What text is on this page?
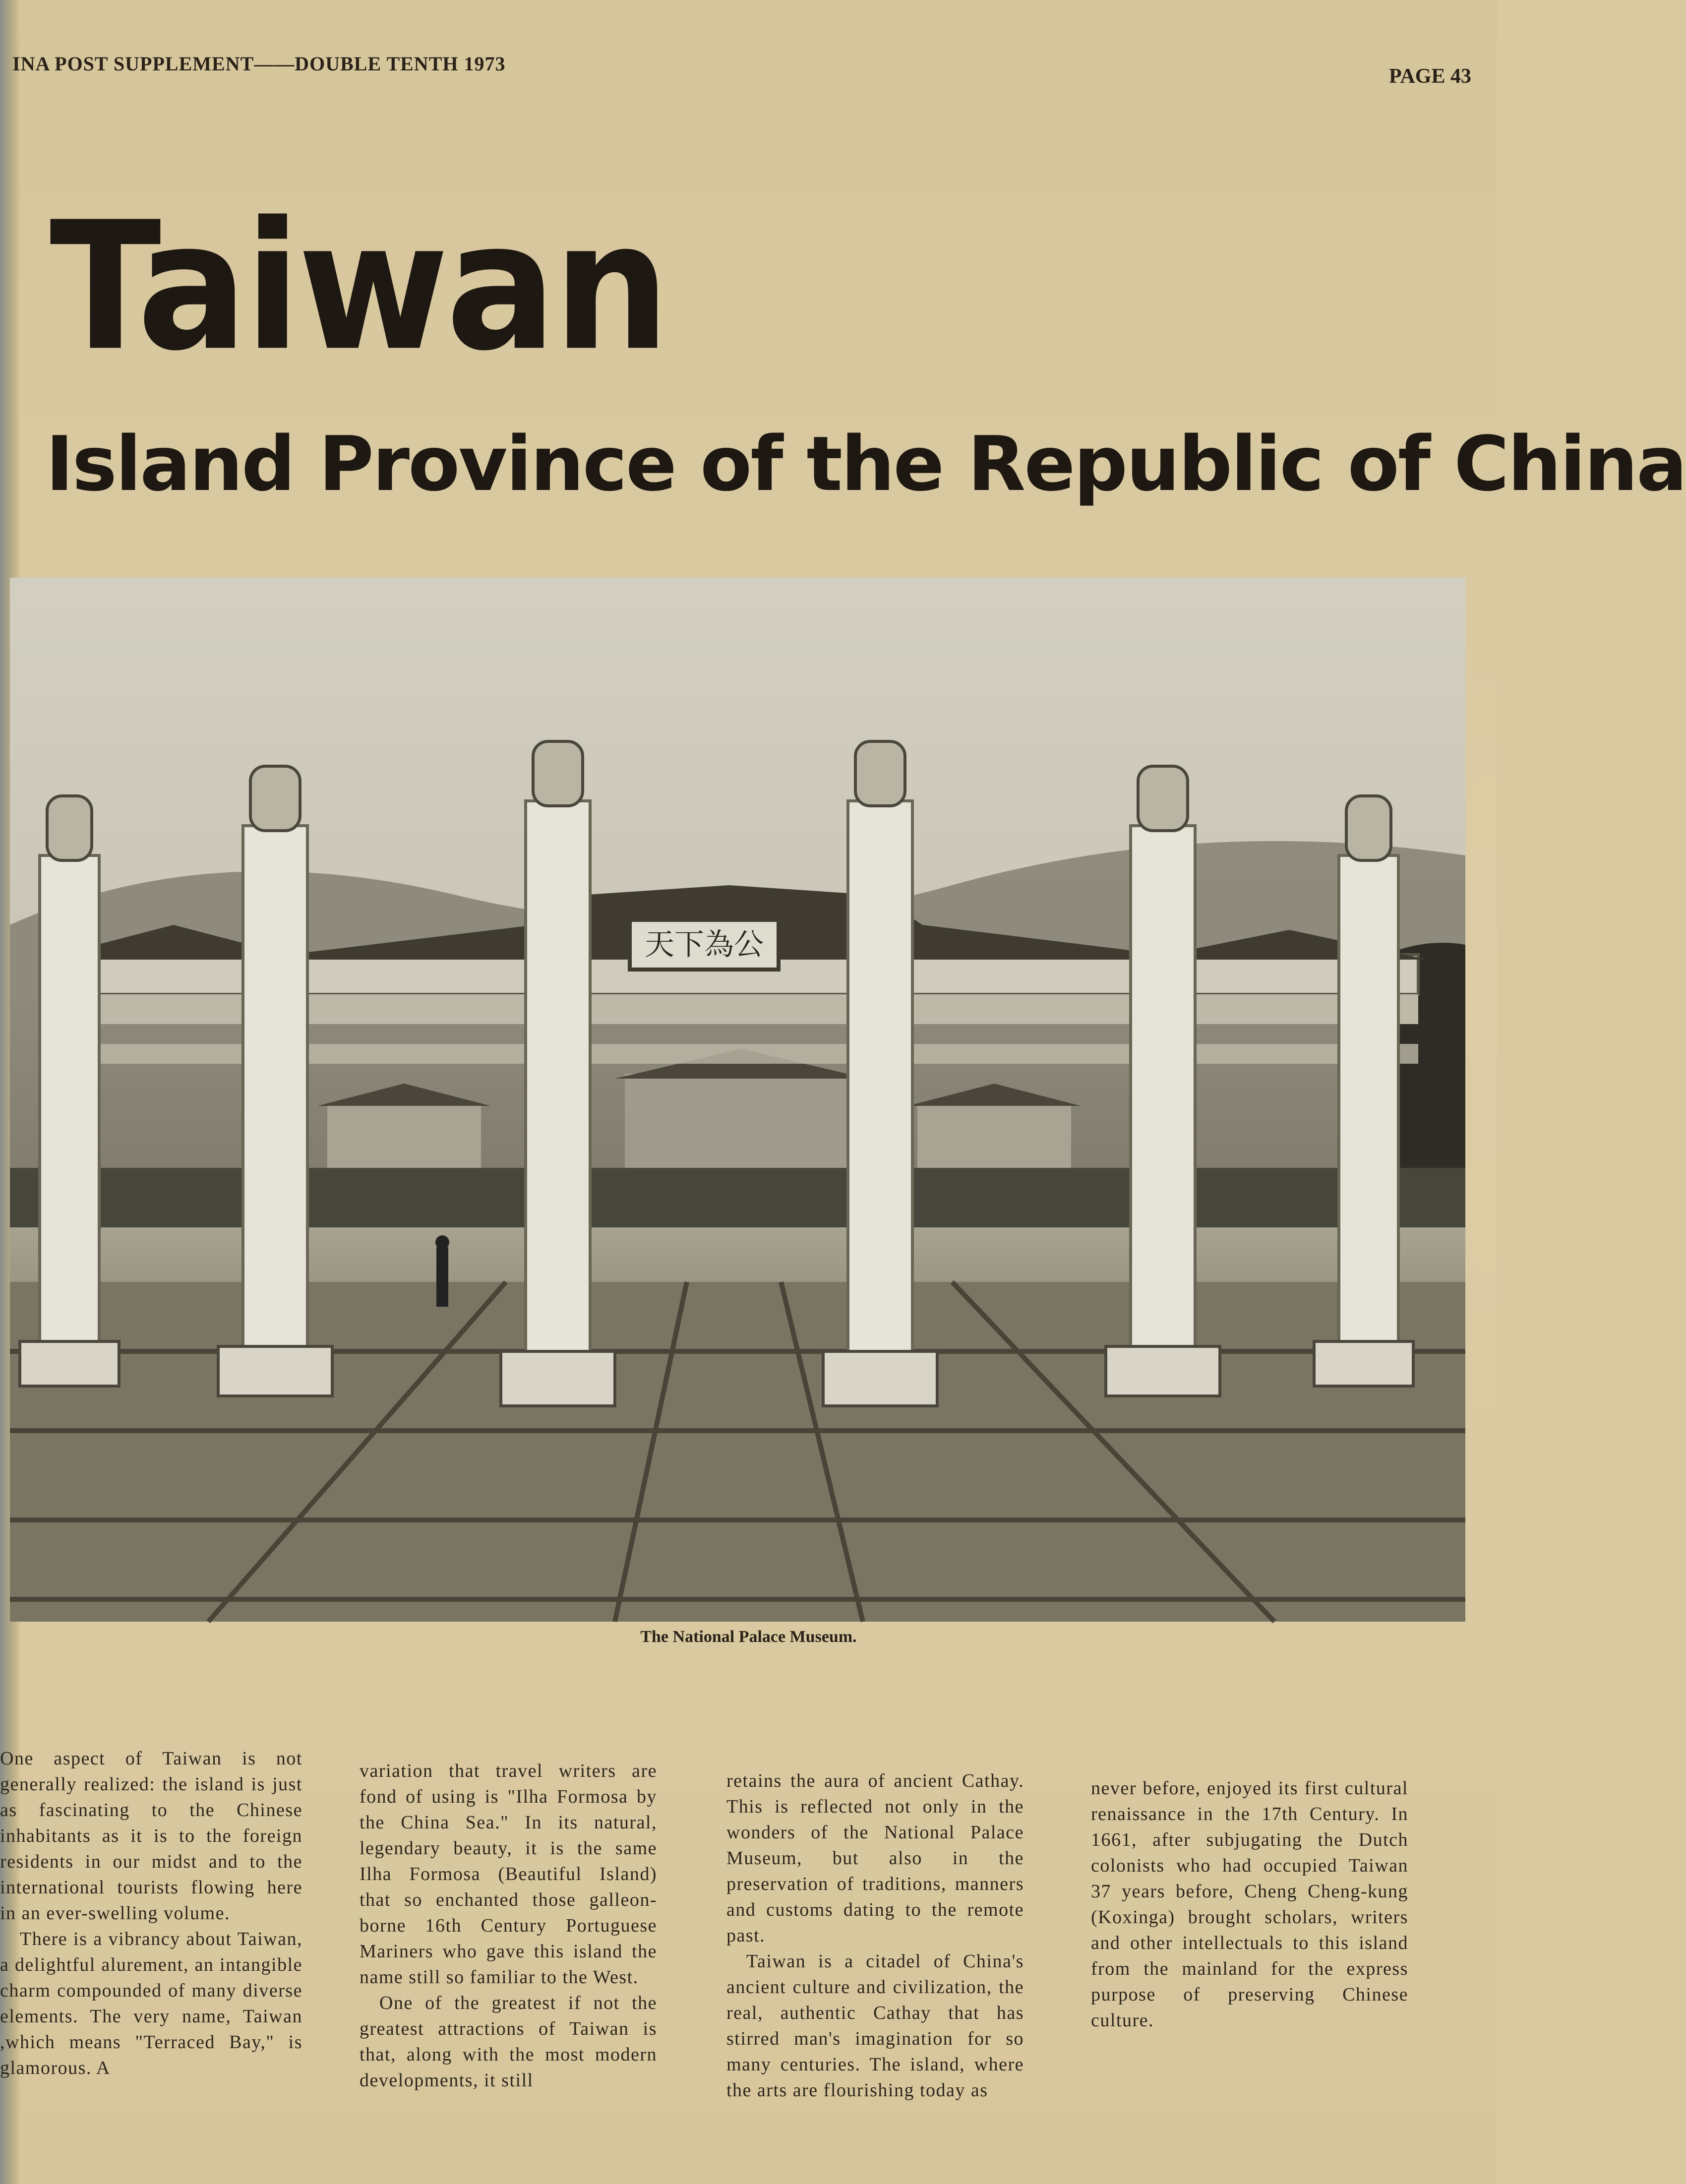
INA POST SUPPLEMENT——DOUBLE TENTH 1973
PAGE 43
Taiwan
Island Province of the Republic of China
天下為公
The National Palace Museum.

One aspect of Taiwan is not generally realized: the island is just as fascinating to the Chinese inhabitants as it is to the foreign residents in our midst and to the international tourists flowing here in an ever-swelling volume.

There is a vibrancy about Taiwan, a delightful alurement, an intangible charm compounded of many diverse elements. The very name, Taiwan ,which means "Terraced Bay," is glamorous. A

variation that travel writers are fond of using is "Ilha Formosa by the China Sea." In its natural, legendary beauty, it is the same Ilha Formosa (Beautiful Island) that so enchanted those galleon-borne 16th Century Portuguese Mariners who gave this island the name still so familiar to the West.

One of the greatest if not the greatest attractions of Taiwan is that, along with the most modern developments, it still

retains the aura of ancient Cathay. This is reflected not only in the wonders of the National Palace Museum, but also in the preservation of traditions, manners and customs dating to the remote past.

Taiwan is a citadel of China's ancient culture and civilization, the real, authentic Cathay that has stirred man's imagination for so many centuries. The island, where the arts are flourishing today as

never before, enjoyed its first cultural renaissance in the 17th Century. In 1661, after subjugating the Dutch colonists who had occupied Taiwan 37 years before, Cheng Cheng-kung (Koxinga) brought scholars, writers and other intellectuals to this island from the mainland for the express purpose of preserving Chinese culture.
